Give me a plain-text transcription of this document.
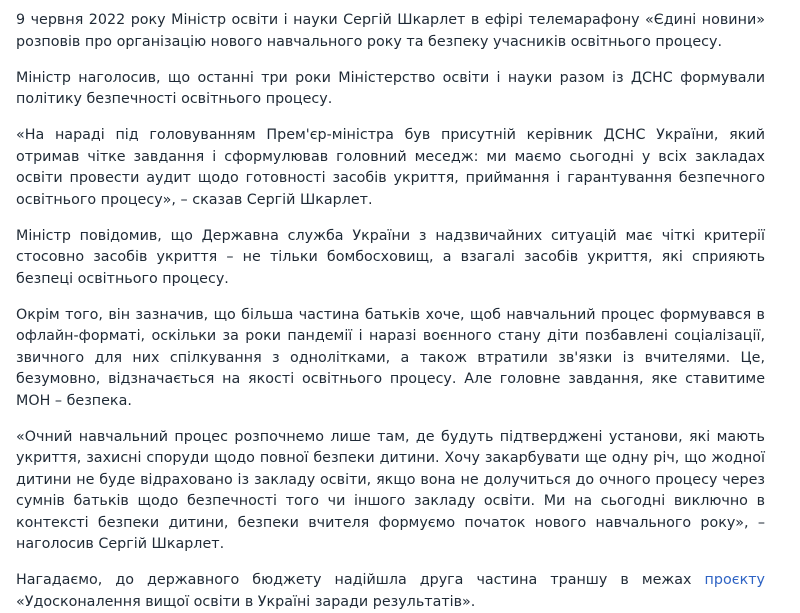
9 червня 2022 року Міністр освіти і науки Сергій Шкарлет в ефірі телемарафону «Єдині новини» розповів про організацію нового навчального року та безпеку учасників освітнього процесу.

Міністр наголосив, що останні три роки Міністерство освіти і науки разом із ДСНС формували політику безпечності освітнього процесу.

«На нараді під головуванням Прем'єр-міністра був присутній керівник ДСНС України, який отримав чітке завдання і сформулював головний меседж: ми маємо сьогодні у всіх закладах освіти провести аудит щодо готовності засобів укриття, приймання і гарантування безпечного освітнього процесу», – сказав Сергій Шкарлет.

Міністр повідомив, що Державна служба України з надзвичайних ситуацій має чіткі критерії стосовно засобів укриття – не тільки бомбосховищ, а взагалі засобів укриття, які сприяють безпеці освітнього процесу.

Окрім того, він зазначив, що більша частина батьків хоче, щоб навчальний процес формувався в офлайн-форматі, оскільки за роки пандемії і наразі воєнного стану діти позбавлені соціалізації, звичного для них спілкування з однолітками, а також втратили зв'язки із вчителями. Це, безумовно, відзначається на якості освітнього процесу. Але головне завдання, яке ставитиме МОН – безпека.

«Очний навчальний процес розпочнемо лише там, де будуть підтверджені установи, які мають укриття, захисні споруди щодо повної безпеки дитини. Хочу закарбувати ще одну річ, що жодної дитини не буде відраховано із закладу освіти, якщо вона не долучиться до очного процесу через сумнів батьків щодо безпечності того чи іншого закладу освіти. Ми на сьогодні виключно в контексті безпеки дитини, безпеки вчителя формуємо початок нового навчального року», – наголосив Сергій Шкарлет.

Нагадаємо, до державного бюджету надійшла друга частина траншу в межах проєкту «Удосконалення вищої освіти в Україні заради результатів».
